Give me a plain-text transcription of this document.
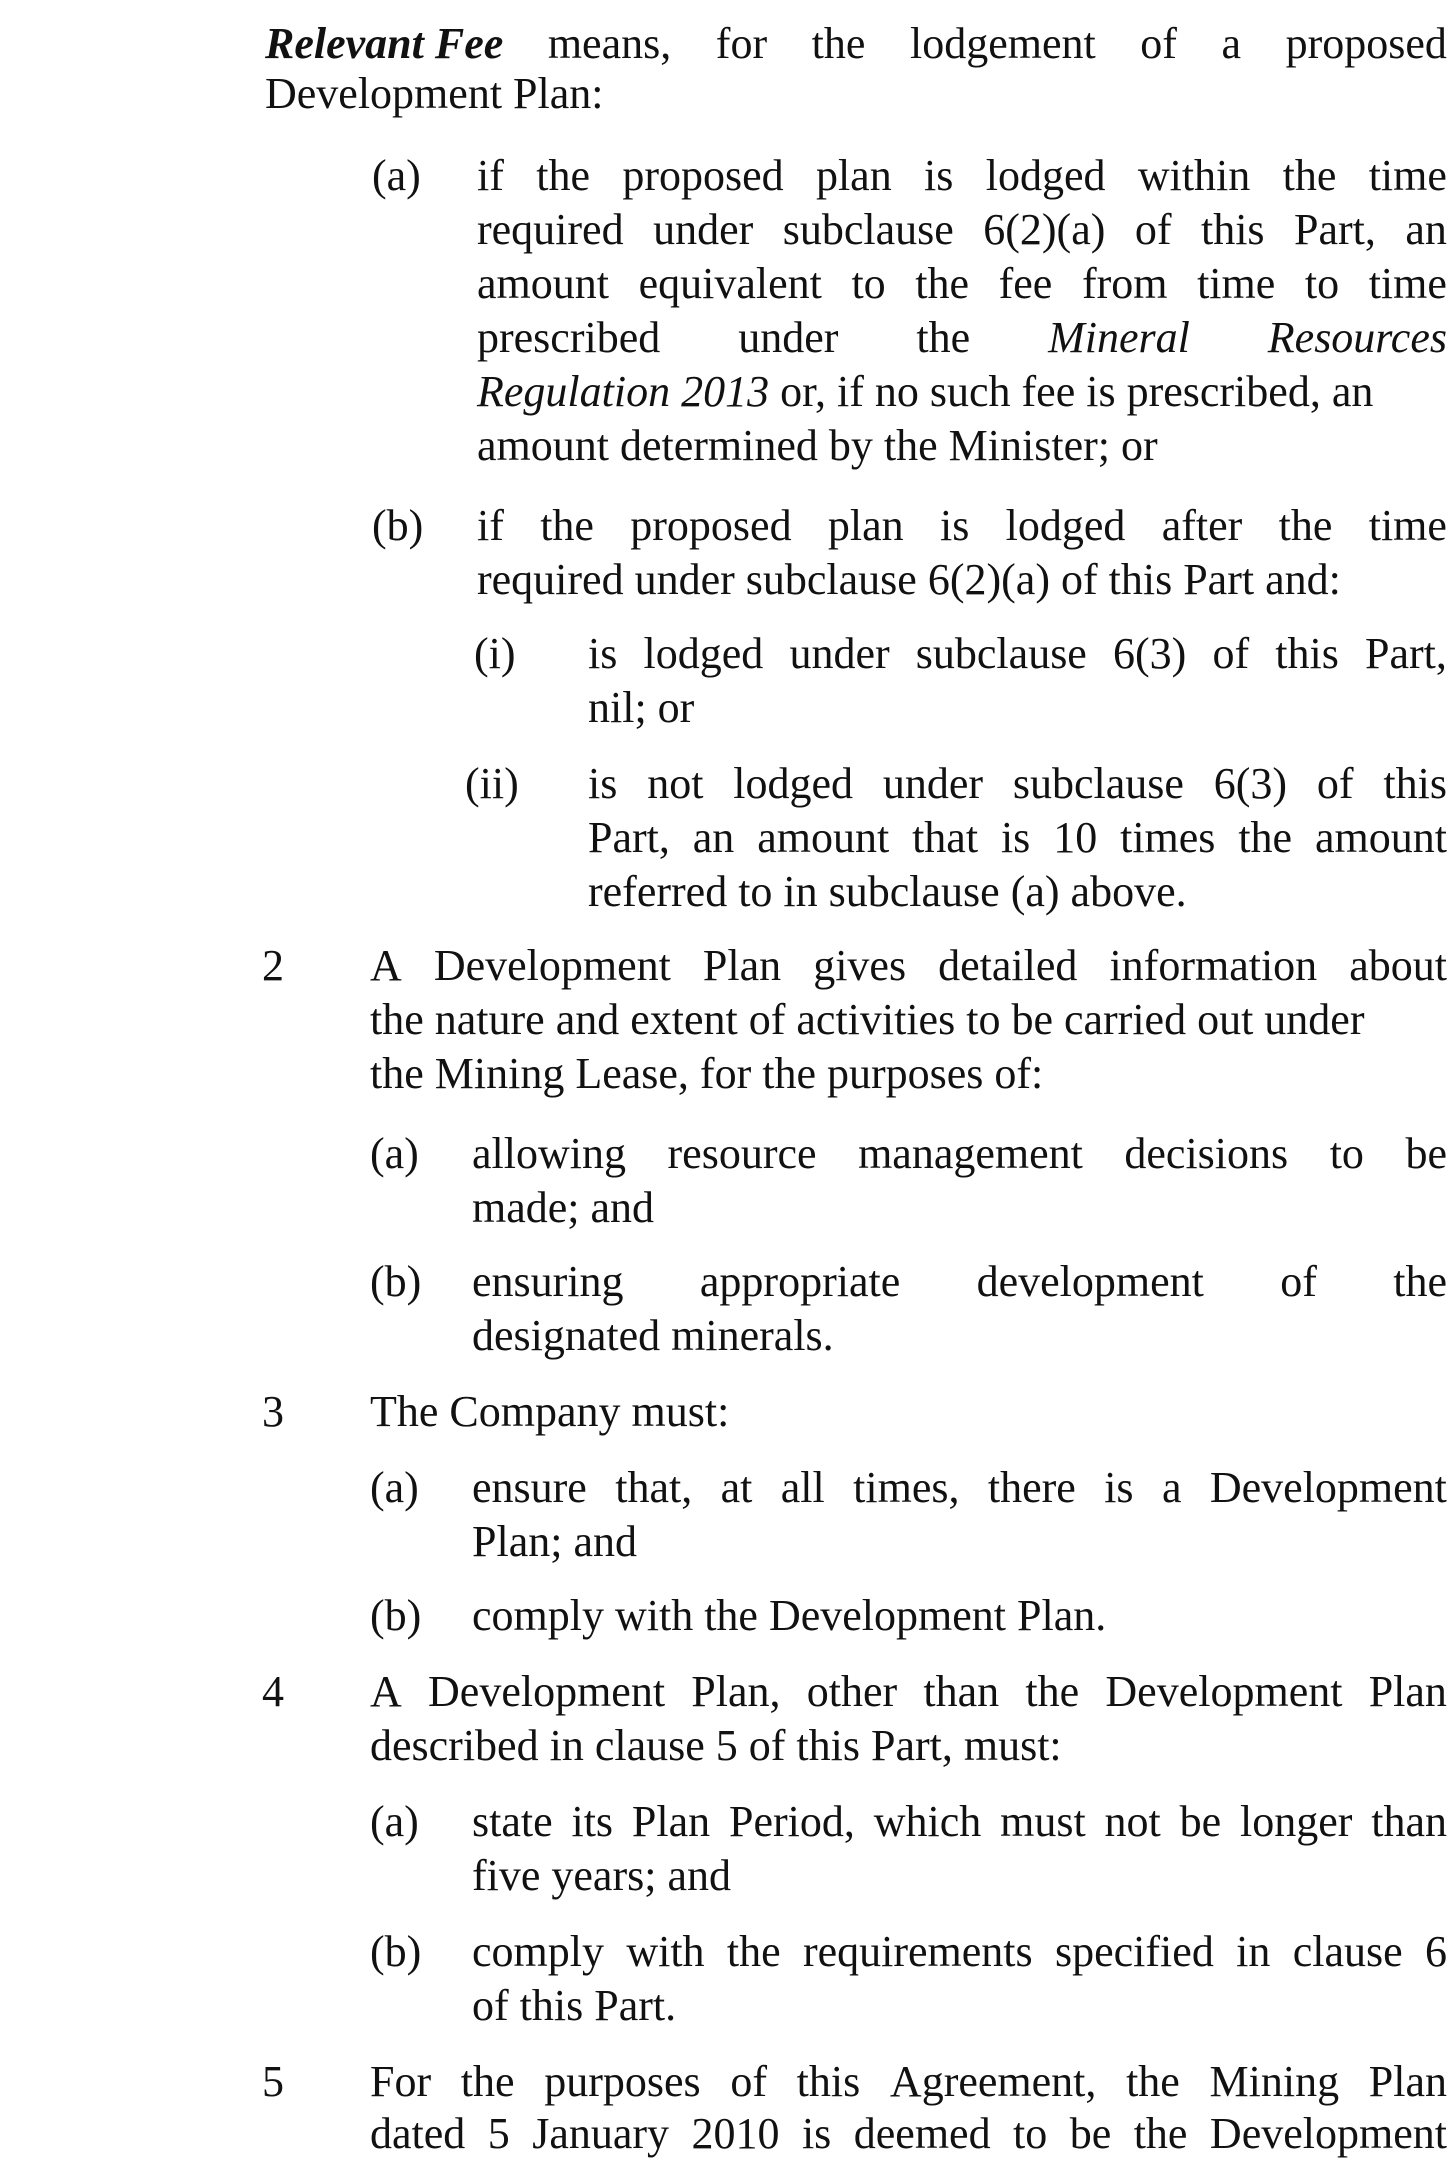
Relevant Fee means, for the lodgement of a proposed
Development Plan:
(a) if the proposed plan is lodged within the time
required under subclause 6(2)(a) of this Part, an
amount equivalent to the fee from time to time
prescribed under the Mineral Resources
Regulation 2013 or, if no such fee is prescribed, an
amount determined by the Minister; or
(b) if the proposed plan is lodged after the time
required under subclause 6(2)(a) of this Part and:
(i) is lodged under subclause 6(3) of this Part,
nil; or
(ii) is not lodged under subclause 6(3) of this
Part, an amount that is 10 times the amount
referred to in subclause (a) above.
2 A Development Plan gives detailed information about
the nature and extent of activities to be carried out under
the Mining Lease, for the purposes of:
(a) allowing resource management decisions to be
made; and
(b) ensuring appropriate development of the
designated minerals.
3 The Company must:
(a) ensure that, at all times, there is a Development
Plan; and
(b) comply with the Development Plan.
4 A Development Plan, other than the Development Plan
described in clause 5 of this Part, must:
(a) state its Plan Period, which must not be longer than
five years; and
(b) comply with the requirements specified in clause 6
of this Part.
5 For the purposes of this Agreement, the Mining Plan
dated 5 January 2010 is deemed to be the Development
